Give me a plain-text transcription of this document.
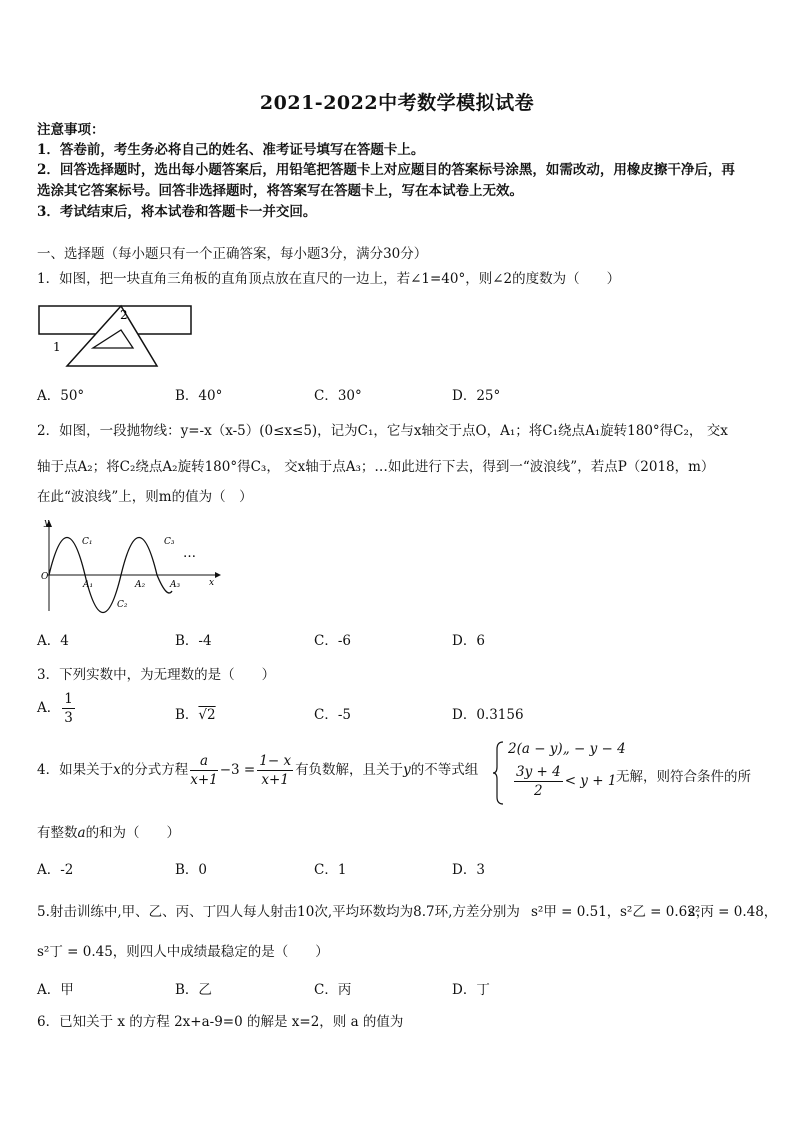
2021-2022中考数学模拟试卷
注意事项：
1．答卷前，考生务必将自己的姓名、准考证号填写在答题卡上。
2．回答选择题时，选出每小题答案后，用铅笔把答题卡上对应题目的答案标号涂黑，如需改动，用橡皮擦干净后，再
选涂其它答案标号。回答非选择题时，将答案写在答题卡上，写在本试卷上无效。
3．考试结束后，将本试卷和答题卡一并交回。
一、选择题（每小题只有一个正确答案，每小题3分，满分30分）
1．如图，把一块直角三角板的直角顶点放在直尺的一边上，若∠1=40°，则∠2的度数为（　　）
2
1
A．50°	B．40°	C．30°	D．25°
2．如图，一段抛物线：y=-x（x-5）(0≤x≤5)，记为C₁，它与x轴交于点O，A₁；将C₁绕点A₁旋转180°得C₂， 交x
轴于点A₂；将C₂绕点A₂旋转180°得C₃， 交x轴于点A₃；…如此进行下去，得到一“波浪线”，若点P（2018，m）
在此“波浪线”上，则m的值为（　）
y
x
O
C₁
C₂
C₃
A₁	A₂	A₃
…
A．4	B．-4	C．-6	D．6
3．下列实数中，为无理数的是（　　）
A． $\frac{1}{3}$	B．√2	C．-5	D．0.3156
4．如果关于x的分式方程 $\frac{a}{x+1} -3 = \frac{1- x}{x+1}$ 有负数解，且关于y的不等式组
2(a − y)„ − y − 4
$\frac{3y + 4}{2} < y + 1$ 无解，则符合条件的所
有整数a的和为（　　）
A．-2	B．0	C．1	D．3
5.射击训练中,甲、乙、丙、丁四人每人射击10次,平均环数均为8.7环,方差分别为 s²甲 = 0.51， s²乙 = 0.62，
s²丙 = 0.48，
s²丁 = 0.45，则四人中成绩最稳定的是（　　）
A．甲	B．乙	C．丙	D．丁
6．已知关于 x 的方程 2x+a-9=0 的解是 x=2，则 a 的值为
